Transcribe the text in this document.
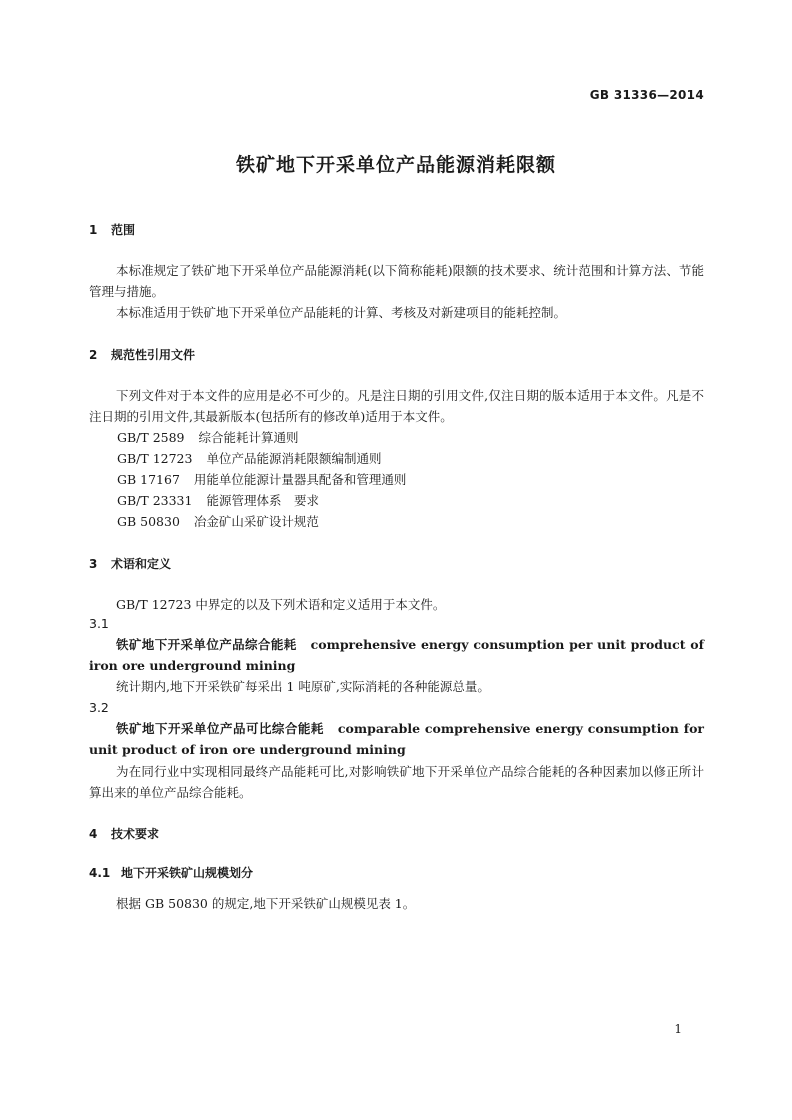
GB 31336—2014
铁矿地下开采单位产品能源消耗限额
1 范围
本标准规定了铁矿地下开采单位产品能源消耗(以下简称能耗)限额的技术要求、统计范围和计算方法、节能管理与措施。
本标准适用于铁矿地下开采单位产品能耗的计算、考核及对新建项目的能耗控制。
2 规范性引用文件
下列文件对于本文件的应用是必不可少的。凡是注日期的引用文件,仅注日期的版本适用于本文件。凡是不注日期的引用文件,其最新版本(包括所有的修改单)适用于本文件。
GB/T 2589 综合能耗计算通则
GB/T 12723 单位产品能源消耗限额编制通则
GB 17167 用能单位能源计量器具配备和管理通则
GB/T 23331 能源管理体系　要求
GB 50830 冶金矿山采矿设计规范
3 术语和定义
GB/T 12723 中界定的以及下列术语和定义适用于本文件。
3.1
铁矿地下开采单位产品综合能耗 comprehensive energy consumption per unit product of iron ore underground mining
统计期内,地下开采铁矿每采出 1 吨原矿,实际消耗的各种能源总量。
3.2
铁矿地下开采单位产品可比综合能耗 comparable comprehensive energy consumption for unit product of iron ore underground mining
为在同行业中实现相同最终产品能耗可比,对影响铁矿地下开采单位产品综合能耗的各种因素加以修正所计算出来的单位产品综合能耗。
4 技术要求
4.1 地下开采铁矿山规模划分
根据 GB 50830 的规定,地下开采铁矿山规模见表 1。
1
